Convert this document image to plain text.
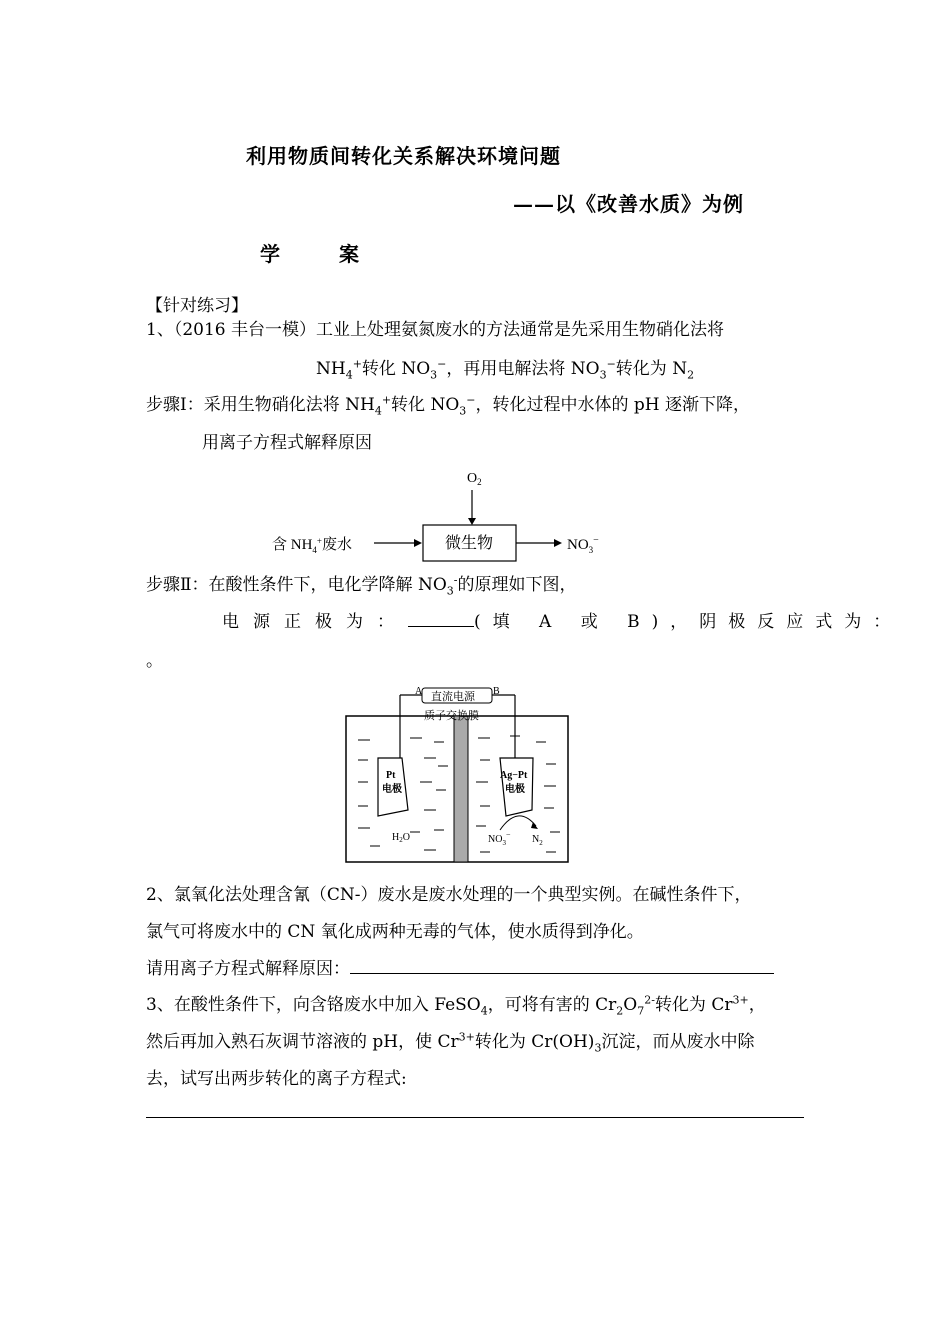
利用物质间转化关系解决环境问题
——以《改善水质》为例
学 案
【针对练习】
1、（2016 丰台一模）工业上处理氨氮废水的方法通常是先采用生物硝化法将
$NH_4^+$转化 $NO_3^-$，再用电解法将 $NO_3^-$转化为 $N_2$
步骤Ⅰ：采用生物硝化法将 $NH_4^+$转化 $NO_3^-$，转化过程中水体的 pH 逐渐下降，
用离子方程式解释原因
$O_2$
微生物
含 $NH_4^+$废水	$NO_3^-$
步骤Ⅱ：在酸性条件下，电化学降解 $NO_3^-$的原理如下图，
电源正极为：	(填 A 或 B)，阴极反应式为：
。
直流电源
A	B
质子交换膜
Pt
电极
Ag−Pt
电极
$H_2O$	$NO_3^-$ $N_2$
2、氯氧化法处理含氰（CN-）废水是废水处理的一个典型实例。在碱性条件下，
氯气可将废水中的 CN 氧化成两种无毒的气体，使水质得到净化。
请用离子方程式解释原因：
3、在酸性条件下，向含铬废水中加入 FeSO$_4$，可将有害的 $Cr_2O_7^{2-}$转化为 $Cr^{3+}$，
然后再加入熟石灰调节溶液的 pH，使 $Cr^{3+}$转化为 $Cr(OH)_3$沉淀，而从废水中除
去，试写出两步转化的离子方程式:
